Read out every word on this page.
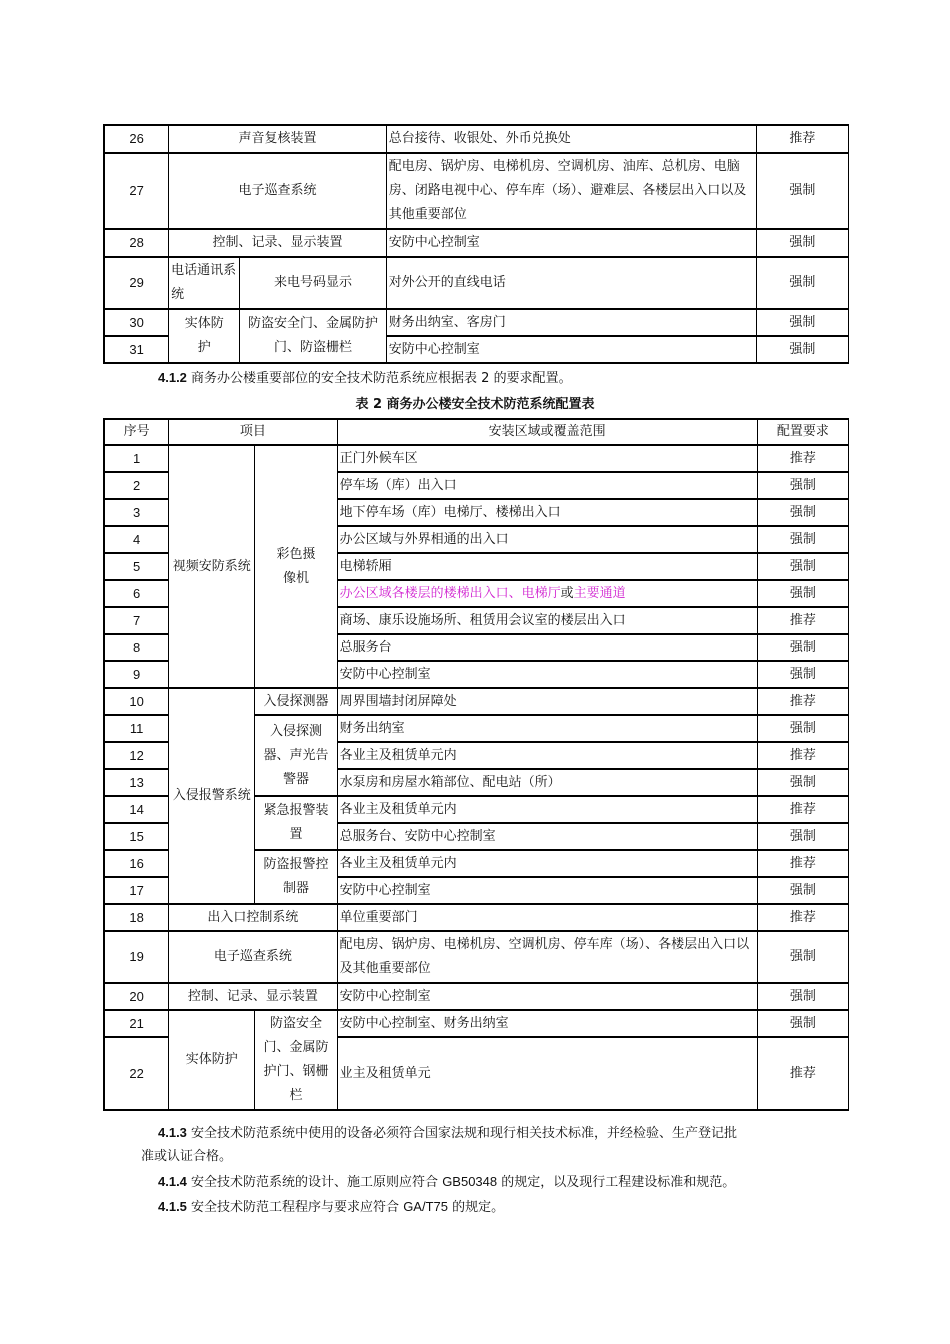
26	声音复核装置		总台接待、收银处、外币兑换处	推荐
27	电子巡查系统		配电房、锅炉房、电梯机房、空调机房、油库、总机房、电脑房、闭路电视中心、停车库（场）、避难层、各楼层出入口以及其他重要部位	强制
28	控制、记录、显示装置		安防中心控制室	强制
29	电话通讯系统	来电号码显示	对外公开的直线电话	强制
30	实体防护	防盗安全门、金属防护门、防盗栅栏	财务出纳室、客房门	强制
31			安防中心控制室	强制
4.1.2 商务办公楼重要部位的安全技术防范系统应根据表 2 的要求配置。
表 2 商务办公楼安全技术防范系统配置表
序号	项目		安装区域或覆盖范围	配置要求
1	视频安防系统	彩色摄像机	正门外候车区	推荐
2			停车场（库）出入口	强制
3			地下停车场（库）电梯厅、楼梯出入口	强制
4			办公区域与外界相通的出入口	强制
5			电梯轿厢	强制
6			办公区域各楼层的楼梯出入口、电梯厅或主要通道	强制
7			商场、康乐设施场所、租赁用会议室的楼层出入口	推荐
8			总服务台	强制
9			安防中心控制室	强制
10	入侵报警系统	入侵探测器	周界围墙封闭屏障处	推荐
11		入侵探测器、声光告警器	财务出纳室	强制
12			各业主及租赁单元内	推荐
13			水泵房和房屋水箱部位、配电站（所）	强制
14		紧急报警装置	各业主及租赁单元内	推荐
15			总服务台、安防中心控制室	强制
16		防盗报警控制器	各业主及租赁单元内	推荐
17			安防中心控制室	强制
18	出入口控制系统		单位重要部门	推荐
19	电子巡查系统		配电房、锅炉房、电梯机房、空调机房、停车库（场）、各楼层出入口以及其他重要部位	强制
20	控制、记录、显示装置		安防中心控制室	强制
21	实体防护	防盗安全门、金属防护门、钢栅栏	安防中心控制室、财务出纳室	强制
22			业主及租赁单元	推荐
4.1.3 安全技术防范系统中使用的设备必须符合国家法规和现行相关技术标准，并经检验、生产登记批
准或认证合格。
4.1.4 安全技术防范系统的设计、施工原则应符合 GB50348 的规定，以及现行工程建设标准和规范。
4.1.5 安全技术防范工程程序与要求应符合 GA/T75 的规定。
